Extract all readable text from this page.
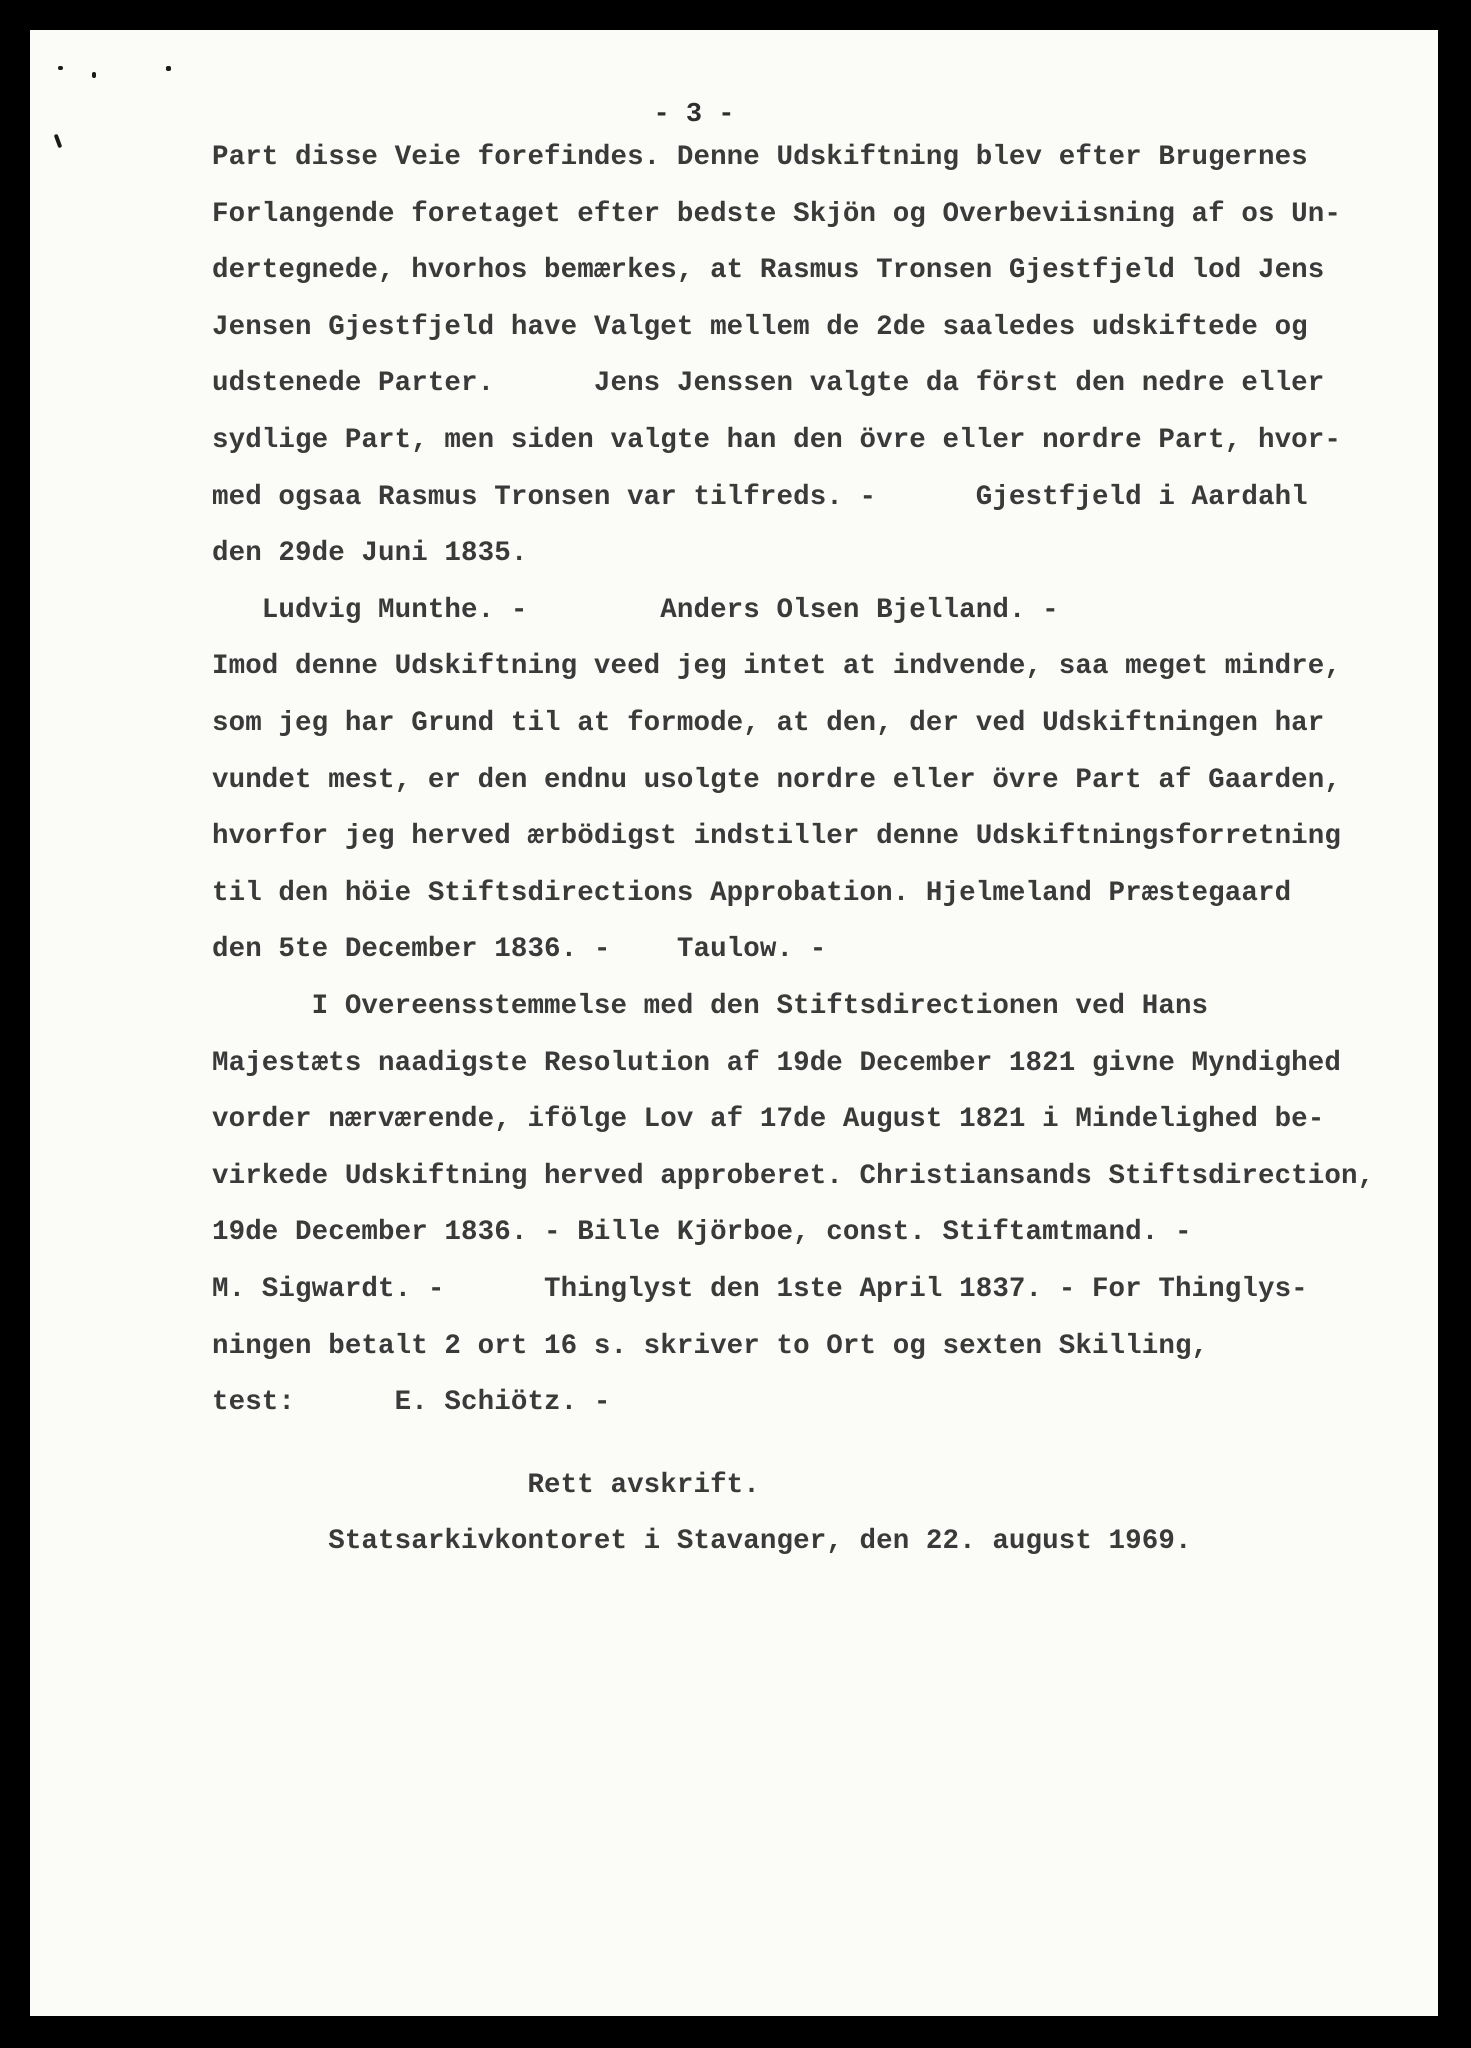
- 3 -
Part disse Veie forefindes. Denne Udskiftning blev efter Brugernes
Forlangende foretaget efter bedste Skjön og Overbeviisning af os Un-
dertegnede, hvorhos bemærkes, at Rasmus Tronsen Gjestfjeld lod Jens
Jensen Gjestfjeld have Valget mellem de 2de saaledes udskiftede og
udstenede Parter.      Jens Jenssen valgte da först den nedre eller
sydlige Part, men siden valgte han den övre eller nordre Part, hvor-
med ogsaa Rasmus Tronsen var tilfreds. -      Gjestfjeld i Aardahl
den 29de Juni 1835.
Ludvig Munthe. -        Anders Olsen Bjelland. -
Imod denne Udskiftning veed jeg intet at indvende, saa meget mindre,
som jeg har Grund til at formode, at den, der ved Udskiftningen har
vundet mest, er den endnu usolgte nordre eller övre Part af Gaarden,
hvorfor jeg herved ærbödigst indstiller denne Udskiftningsforretning
til den höie Stiftsdirections Approbation. Hjelmeland Præstegaard
den 5te December 1836. -    Taulow. -
I Overeensstemmelse med den Stiftsdirectionen ved Hans
Majestæts naadigste Resolution af 19de December 1821 givne Myndighed
vorder nærværende, ifölge Lov af 17de August 1821 i Mindelighed be-
virkede Udskiftning herved approberet. Christiansands Stiftsdirection,
19de December 1836. - Bille Kjörboe, const. Stiftamtmand. -
M. Sigwardt. -      Thinglyst den 1ste April 1837. - For Thinglys-
ningen betalt 2 ort 16 s. skriver to Ort og sexten Skilling,
test:      E. Schiötz. -
Rett avskrift.
Statsarkivkontoret i Stavanger, den 22. august 1969.
